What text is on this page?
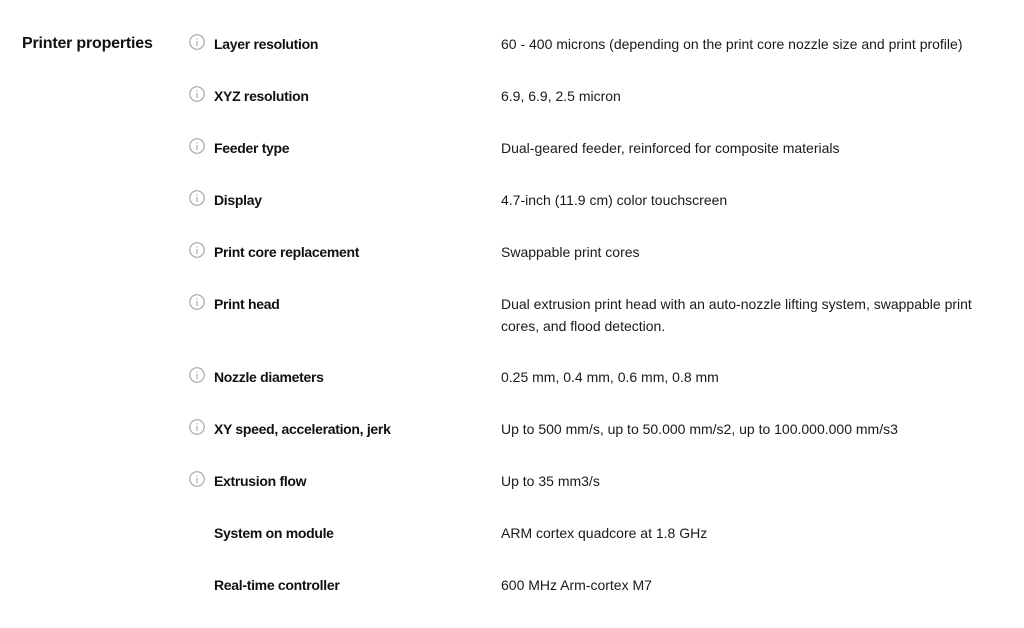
Printer properties	Layer resolution	60 - 400 microns (depending on the print core nozzle size and print profile)
XYZ resolution	6.9, 6.9, 2.5 micron
Feeder type	Dual-geared feeder, reinforced for composite materials
Display	4.7-inch (11.9 cm) color touchscreen
Print core replacement	Swappable print cores
Print head	Dual extrusion print head with an auto-nozzle lifting system, swappable print cores, and flood detection.
Nozzle diameters	0.25 mm, 0.4 mm, 0.6 mm, 0.8 mm
XY speed, acceleration, jerk	Up to 500 mm/s, up to 50.000 mm/s2, up to 100.000.000 mm/s3
Extrusion flow	Up to 35 mm3/s
System on module	ARM cortex quadcore at 1.8 GHz
Real-time controller	600 MHz Arm-cortex M7
